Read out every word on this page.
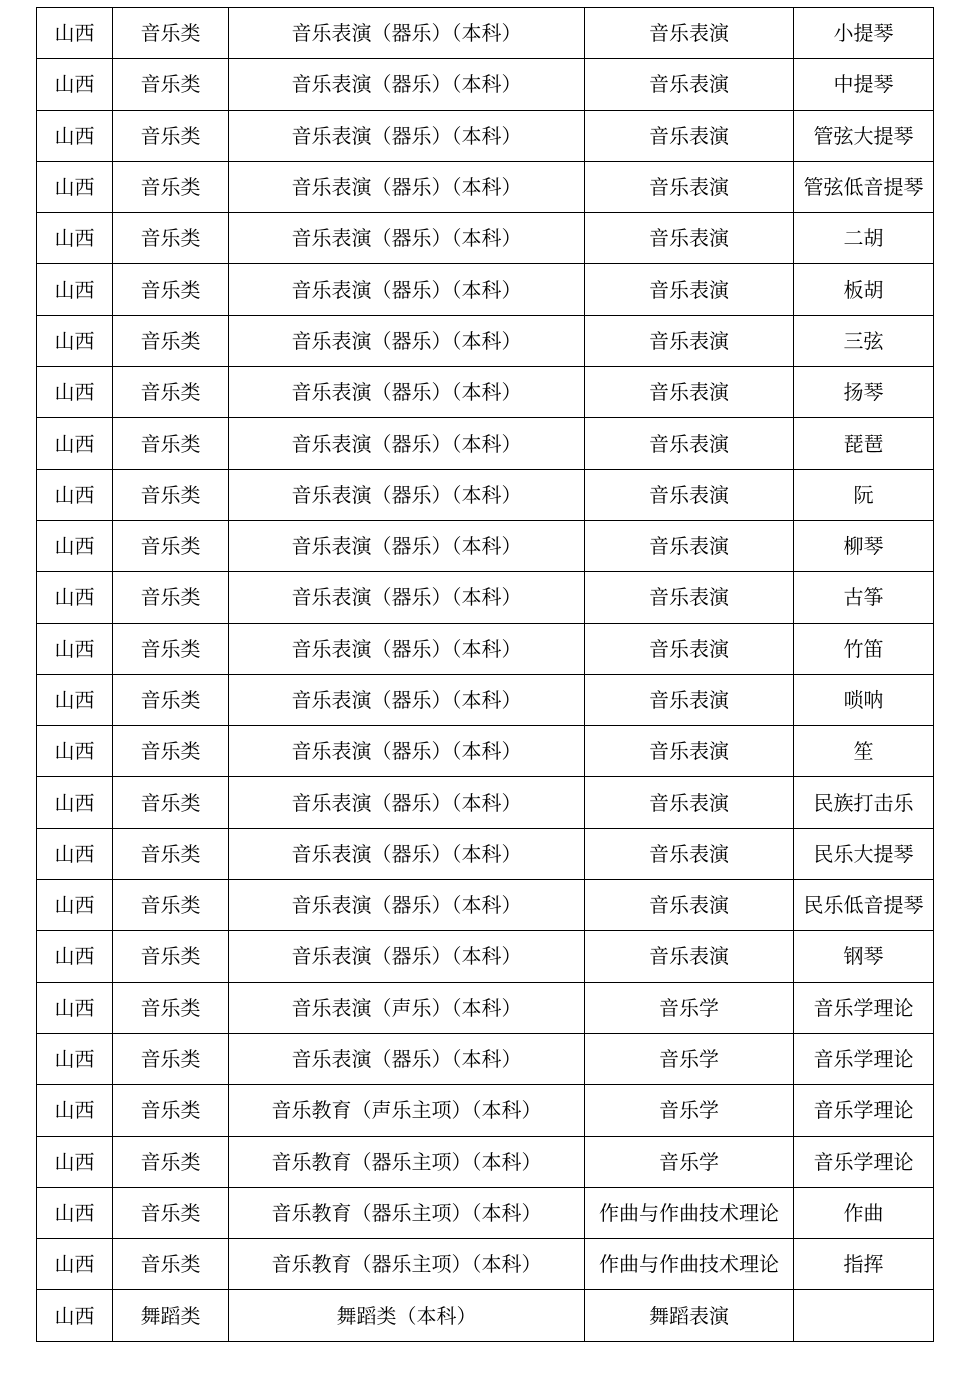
山西	音乐类	音乐表演（器乐）（本科）	音乐表演	小提琴
山西	音乐类	音乐表演（器乐）（本科）	音乐表演	中提琴
山西	音乐类	音乐表演（器乐）（本科）	音乐表演	管弦大提琴
山西	音乐类	音乐表演（器乐）（本科）	音乐表演	管弦低音提琴
山西	音乐类	音乐表演（器乐）（本科）	音乐表演	二胡
山西	音乐类	音乐表演（器乐）（本科）	音乐表演	板胡
山西	音乐类	音乐表演（器乐）（本科）	音乐表演	三弦
山西	音乐类	音乐表演（器乐）（本科）	音乐表演	扬琴
山西	音乐类	音乐表演（器乐）（本科）	音乐表演	琵琶
山西	音乐类	音乐表演（器乐）（本科）	音乐表演	阮
山西	音乐类	音乐表演（器乐）（本科）	音乐表演	柳琴
山西	音乐类	音乐表演（器乐）（本科）	音乐表演	古筝
山西	音乐类	音乐表演（器乐）（本科）	音乐表演	竹笛
山西	音乐类	音乐表演（器乐）（本科）	音乐表演	唢呐
山西	音乐类	音乐表演（器乐）（本科）	音乐表演	笙
山西	音乐类	音乐表演（器乐）（本科）	音乐表演	民族打击乐
山西	音乐类	音乐表演（器乐）（本科）	音乐表演	民乐大提琴
山西	音乐类	音乐表演（器乐）（本科）	音乐表演	民乐低音提琴
山西	音乐类	音乐表演（器乐）（本科）	音乐表演	钢琴
山西	音乐类	音乐表演（声乐）（本科）	音乐学	音乐学理论
山西	音乐类	音乐表演（器乐）（本科）	音乐学	音乐学理论
山西	音乐类	音乐教育（声乐主项）（本科）	音乐学	音乐学理论
山西	音乐类	音乐教育（器乐主项）（本科）	音乐学	音乐学理论
山西	音乐类	音乐教育（器乐主项）（本科）	作曲与作曲技术理论	作曲
山西	音乐类	音乐教育（器乐主项）（本科）	作曲与作曲技术理论	指挥
山西	舞蹈类	舞蹈类（本科）	舞蹈表演	
